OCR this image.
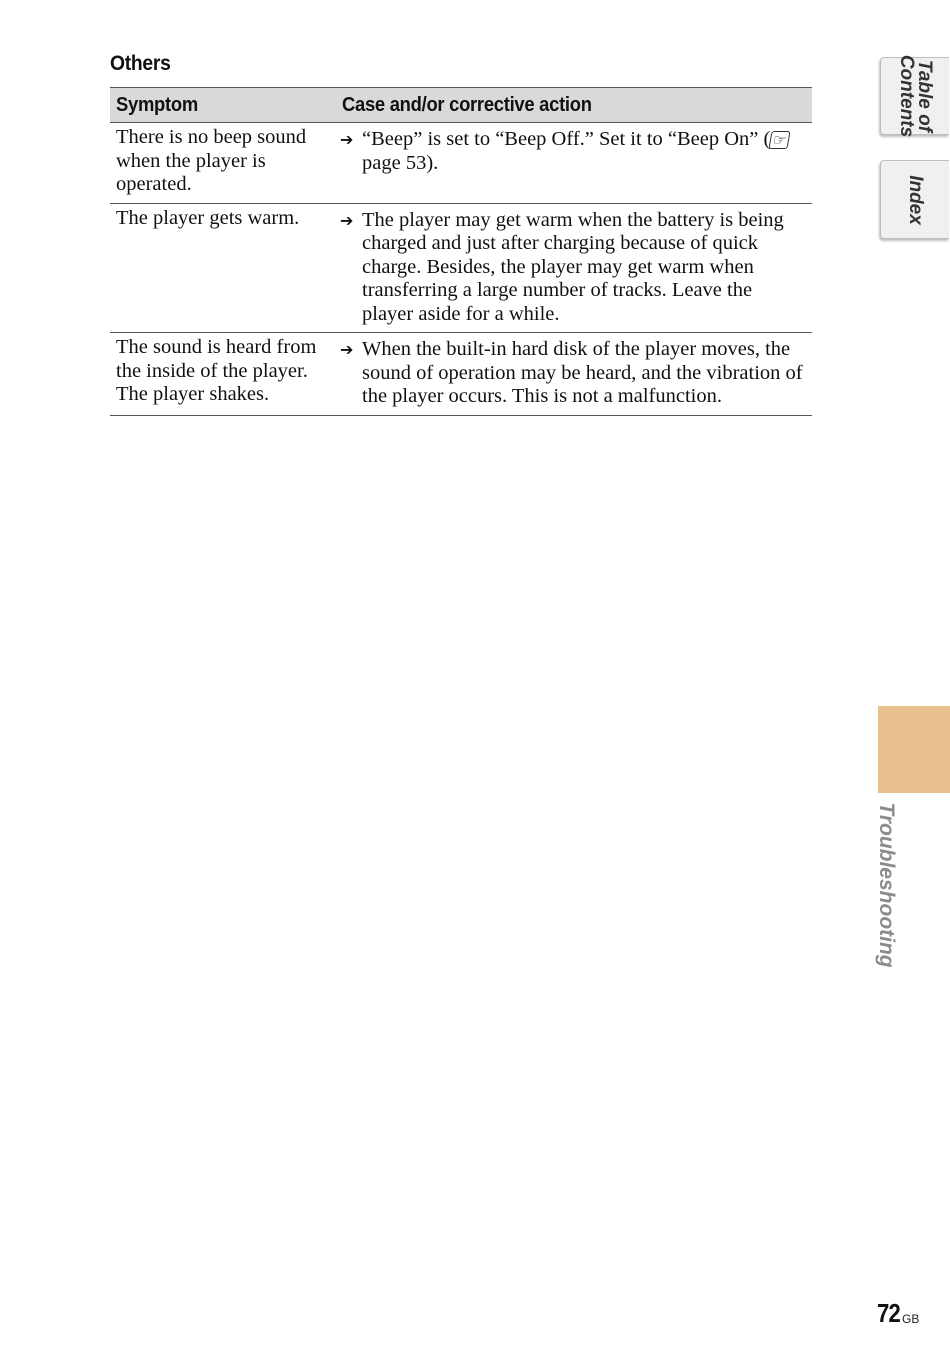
Others
Symptom	Case and/or corrective action
There is no beep sound when the player is operated.	➔ “Beep” is set to “Beep Off.” Set it to “Beep On” (☞page 53).

The player gets warm.	➔ The player may get warm when the battery is being charged and just after charging because of quick charge. Besides, the player may get warm when transferring a large number of tracks. Leave the player aside for a while.

The sound is heard from the inside of the player. The player shakes.	➔ When the built-in hard disk of the player moves, the sound of operation may be heard, and the vibration of the player occurs. This is not a malfunction.
Table of
Contents
Index
Troubleshooting
72 GB
